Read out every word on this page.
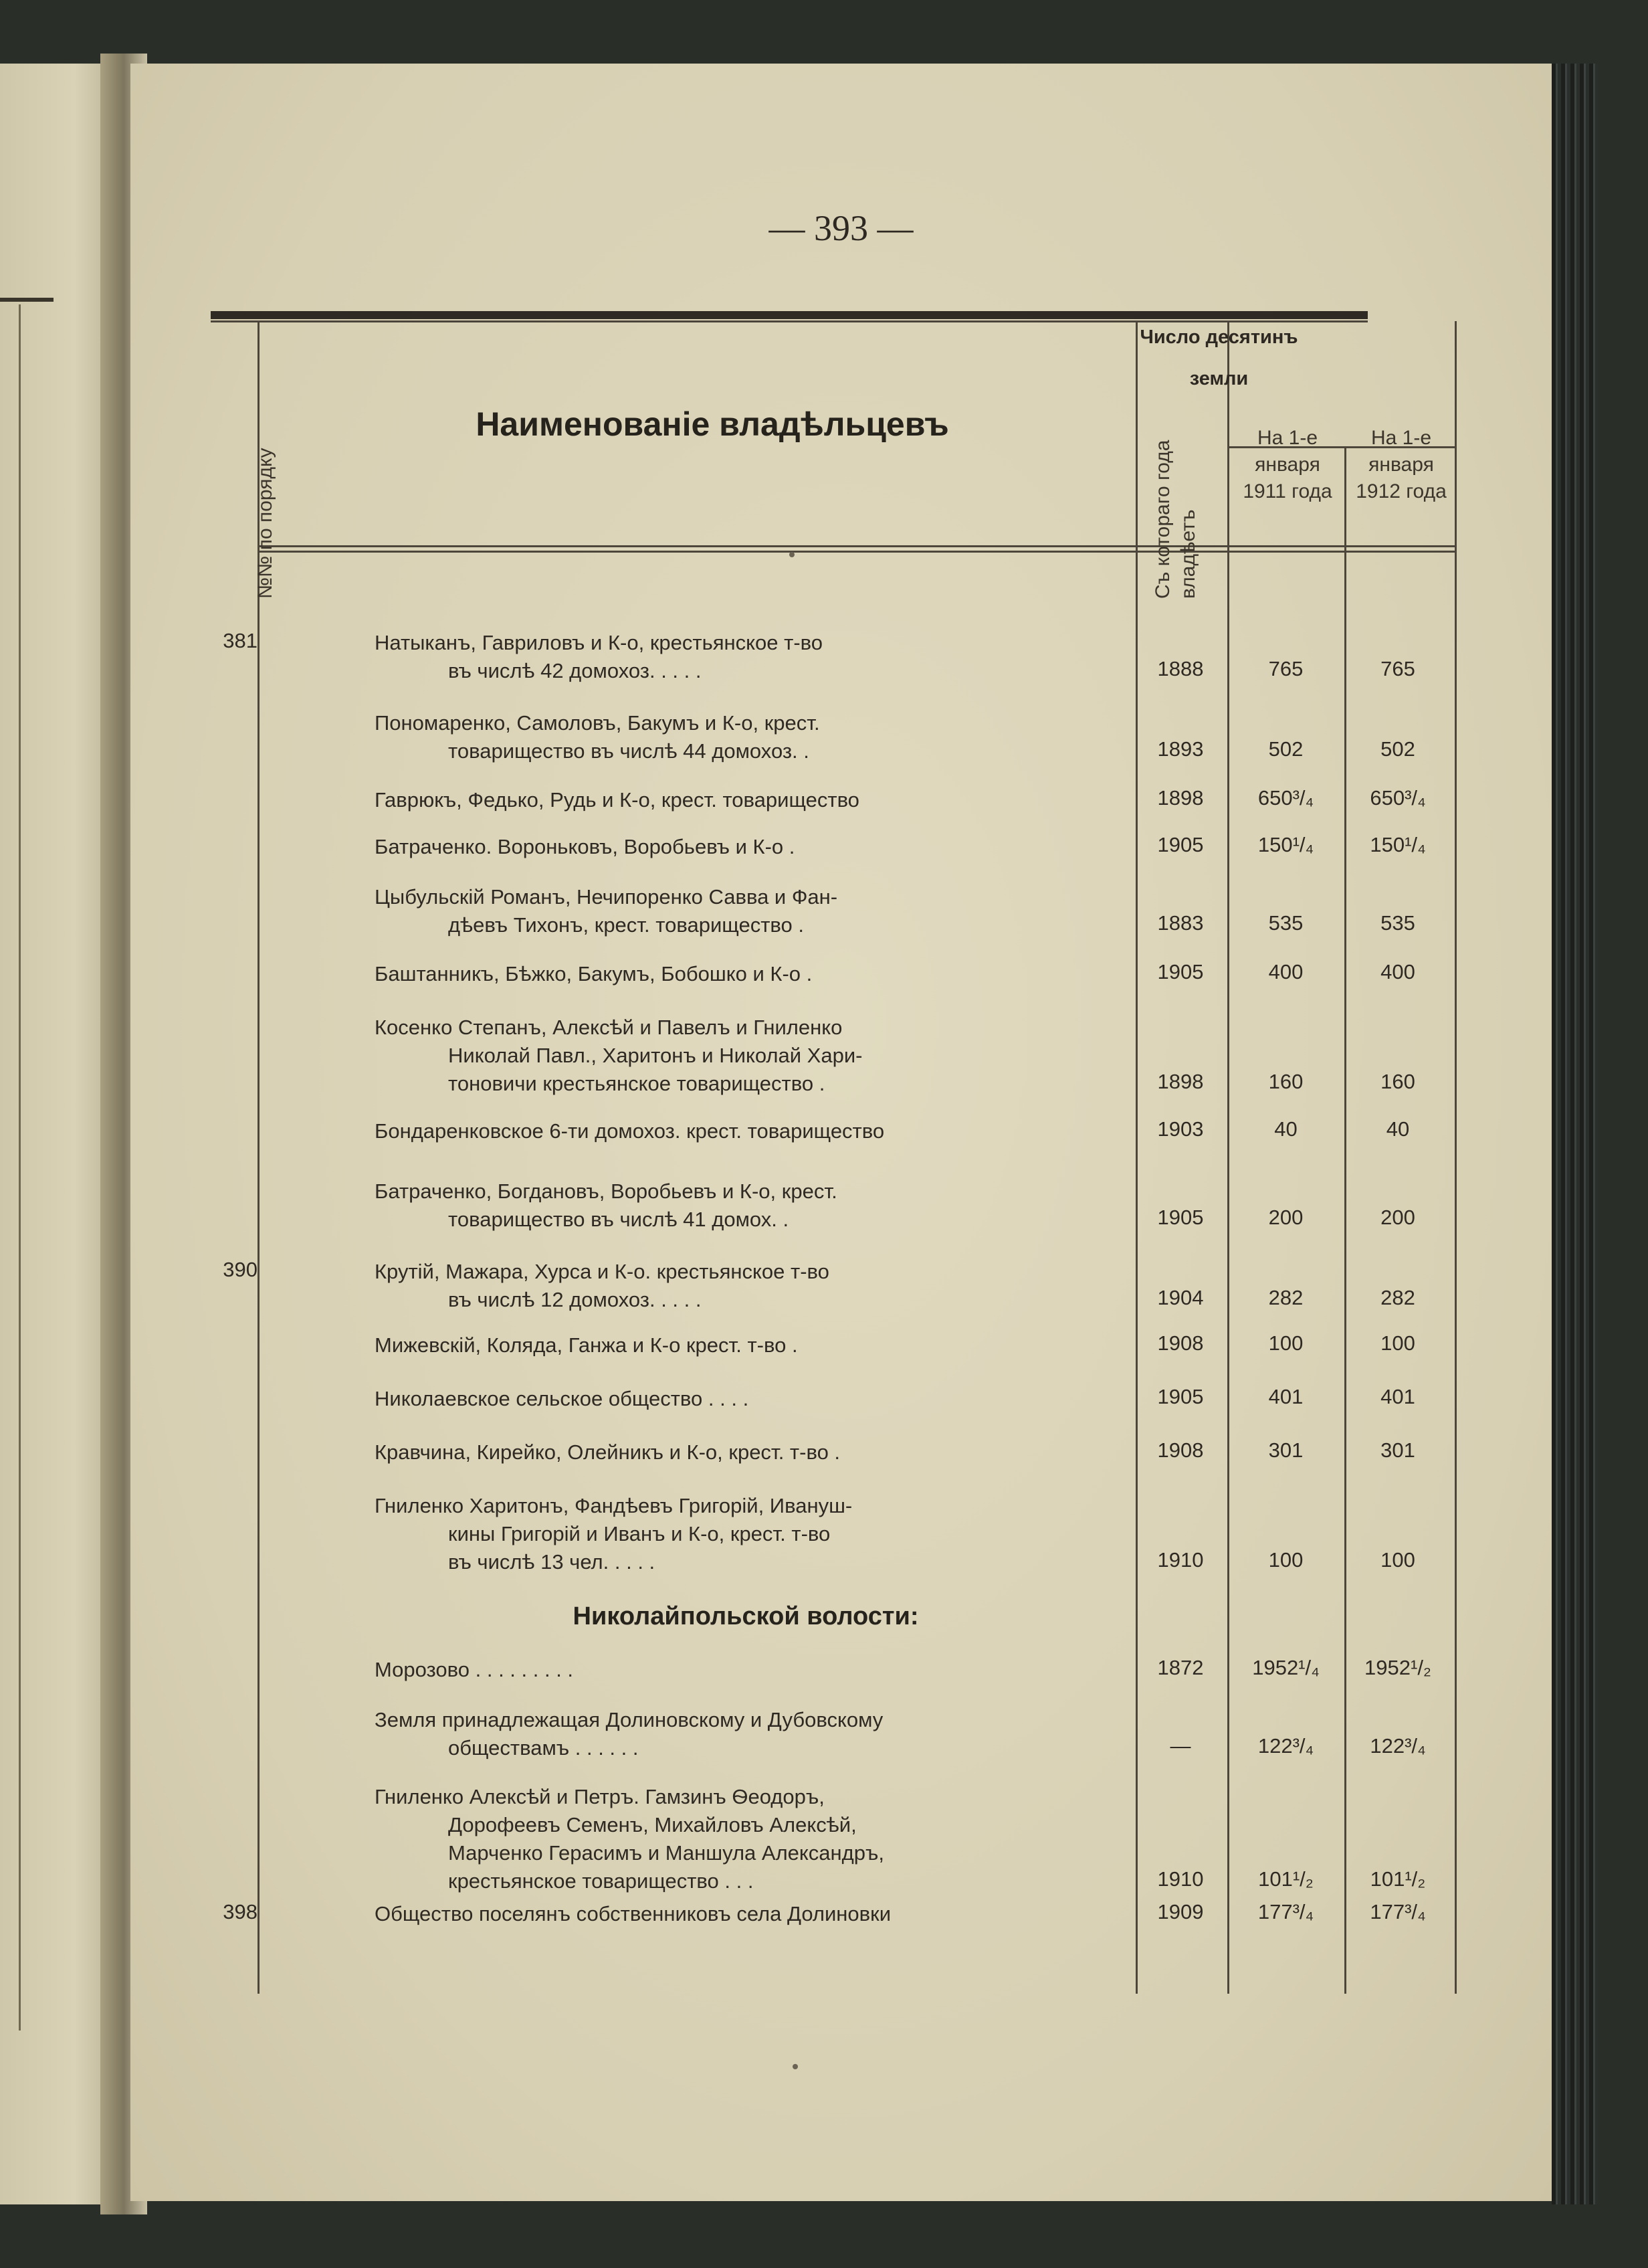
— 393 —
№№ по порядку
Наименованіе владѣльцевъ
Съ котораго года владѣетъ
Число десятинъ земли
На 1-е января 1911 года
На 1-е января 1912 года
381	Натыканъ, Гавриловъ и К-о, крестьянское т-во
въ числѣ 42 домохоз. . . . .	1888	765	765
Пономаренко, Самоловъ, Бакумъ и К-о, крест.
товарищество въ числѣ 44 домохоз. .	1893	502	502
Гаврюкъ, Федько, Рудь и К-о, крест. товарищество	1898	650³/₄	650³/₄
Батраченко. Вороньковъ, Воробьевъ и К-о .	1905	150¹/₄	150¹/₄
Цыбульскій Романъ, Нечипоренко Савва и Фан-
дѣевъ Тихонъ, крест. товарищество .	1883	535	535
Баштанникъ, Бѣжко, Бакумъ, Бобошко и К-о .	1905	400	400
Косенко Степанъ, Алексѣй и Павелъ и Гниленко
Николай Павл., Харитонъ и Николай Хари-
тоновичи крестьянское товарищество .	1898	160	160
Бондаренковское 6-ти домохоз. крест. товарищество	1903	40	40
Батраченко, Богдановъ, Воробьевъ и К-о, крест.
товарищество въ числѣ 41 домох. .	1905	200	200
390	Крутій, Мажара, Хурса и К-о. крестьянское т-во
въ числѣ 12 домохоз. . . . .	1904	282	282
Мижевскій, Коляда, Ганжа и К-о крест. т-во .	1908	100	100
Николаевское сельское общество . . . .	1905	401	401
Кравчина, Кирейко, Олейникъ и К-о, крест. т-во .	1908	301	301
Гниленко Харитонъ, Фандѣевъ Григорій, Ивануш-
кины Григорій и Иванъ и К-о, крест. т-во
въ числѣ 13 чел. . . . .	1910	100	100
Николайпольской волости:
Морозово . . . . . . . . .	1872	1952¹/₄	1952¹/₂
Земля принадлежащая Долиновскому и Дубовскому
обществамъ . . . . . .	—	122³/₄	122³/₄
Гниленко Алексѣй и Петръ. Гамзинъ Ѳеодоръ,
Дорофеевъ Семенъ, Михайловъ Алексѣй,
Марченко Герасимъ и Маншула Александръ,
крестьянское товарищество . . .	1910	101¹/₂	101¹/₂
398	Общество поселянъ собственниковъ села Долиновки	1909	177³/₄	177³/₄
